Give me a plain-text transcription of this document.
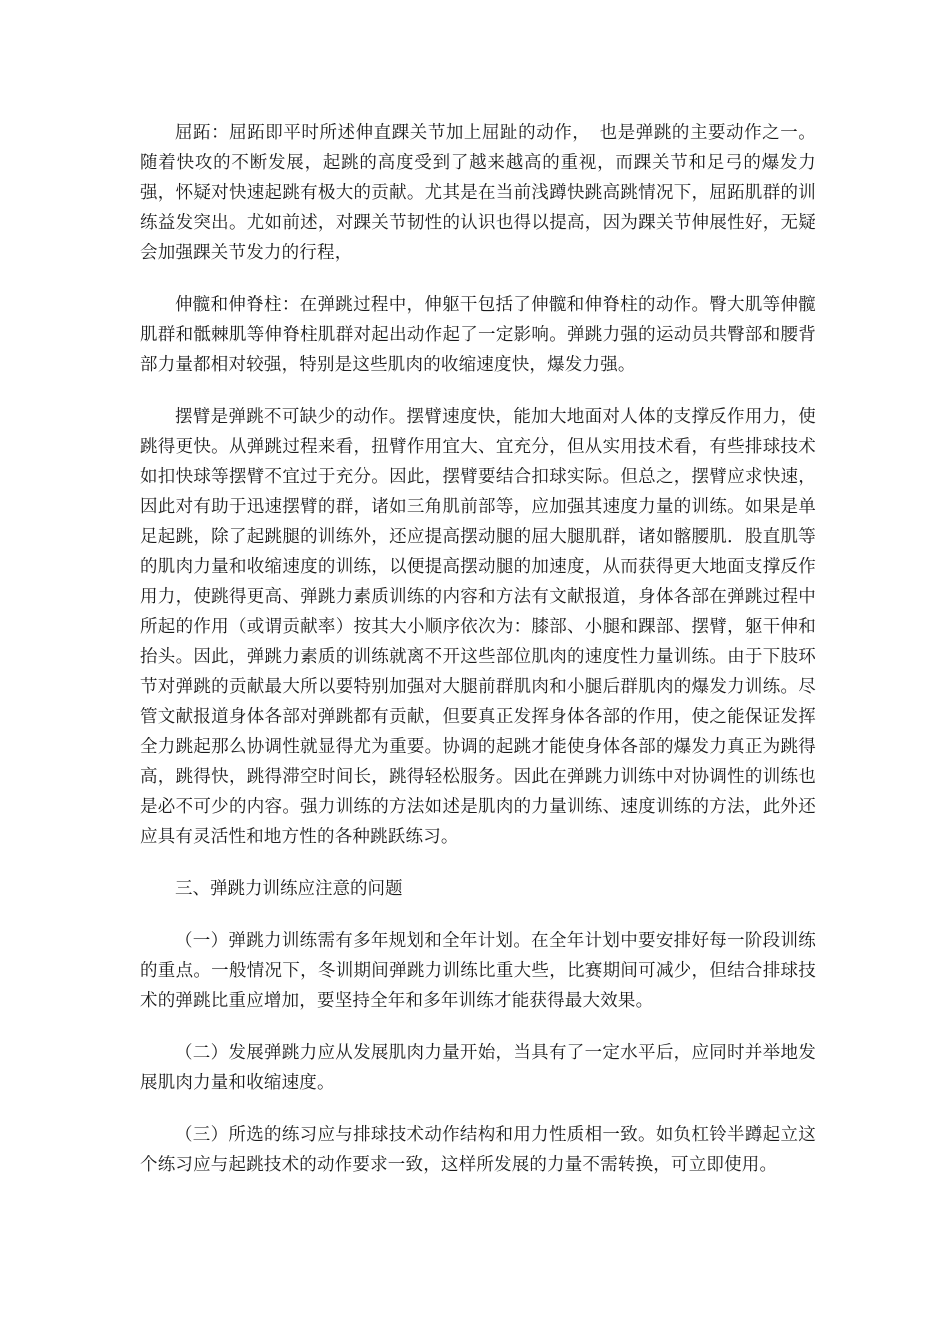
屈跖：屈跖即平时所述伸直踝关节加上屈趾的动作，　也是弹跳的主要动作之一。随着快攻的不断发展，起跳的高度受到了越来越高的重视，而踝关节和足弓的爆发力强，怀疑对快速起跳有极大的贡献。尤其是在当前浅蹲快跳高跳情况下，屈跖肌群的训练益发突出。尤如前述，对踝关节韧性的认识也得以提高，因为踝关节伸展性好，无疑会加强踝关节发力的行程，

伸髋和伸脊柱：在弹跳过程中，伸躯干包括了伸髋和伸脊柱的动作。臀大肌等伸髋肌群和骶棘肌等伸脊柱肌群对起出动作起了一定影响。弹跳力强的运动员共臀部和腰背部力量都相对较强，特别是这些肌肉的收缩速度快，爆发力强。

摆臂是弹跳不可缺少的动作。摆臂速度快，能加大地面对人体的支撑反作用力，使跳得更快。从弹跳过程来看，扭臂作用宜大、宜充分，但从实用技术看，有些排球技术如扣快球等摆臂不宜过于充分。因此，摆臂要结合扣球实际。但总之，摆臂应求快速，因此对有助于迅速摆臂的群，诸如三角肌前部等，应加强其速度力量的训练。如果是单足起跳，除了起跳腿的训练外，还应提高摆动腿的屈大腿肌群，诸如髂腰肌．股直肌等的肌肉力量和收缩速度的训练，以便提高摆动腿的加速度，从而获得更大地面支撑反作用力，使跳得更高、弹跳力素质训练的内容和方法有文献报道，身体各部在弹跳过程中所起的作用（或谓贡献率）按其大小顺序依次为：膝部、小腿和踝部、摆臂，躯干伸和抬头。因此，弹跳力素质的训练就离不开这些部位肌肉的速度性力量训练。由于下肢环节对弹跳的贡献最大所以要特别加强对大腿前群肌肉和小腿后群肌肉的爆发力训练。尽管文献报道身体各部对弹跳都有贡献，但要真正发挥身体各部的作用，使之能保证发挥全力跳起那么协调性就显得尤为重要。协调的起跳才能使身体各部的爆发力真正为跳得高，跳得快，跳得滞空时间长，跳得轻松服务。因此在弹跳力训练中对协调性的训练也是必不可少的内容。强力训练的方法如述是肌肉的力量训练、速度训练的方法，此外还应具有灵活性和地方性的各种跳跃练习。

三、弹跳力训练应注意的问题

（一）弹跳力训练需有多年规划和全年计划。在全年计划中要安排好每一阶段训练的重点。一般情况下，冬训期间弹跳力训练比重大些，比赛期间可减少，但结合排球技术的弹跳比重应增加，要坚持全年和多年训练才能获得最大效果。

（二）发展弹跳力应从发展肌肉力量开始，当具有了一定水平后，应同时并举地发展肌肉力量和收缩速度。

（三）所选的练习应与排球技术动作结构和用力性质相一致。如负杠铃半蹲起立这个练习应与起跳技术的动作要求一致，这样所发展的力量不需转换，可立即使用。
